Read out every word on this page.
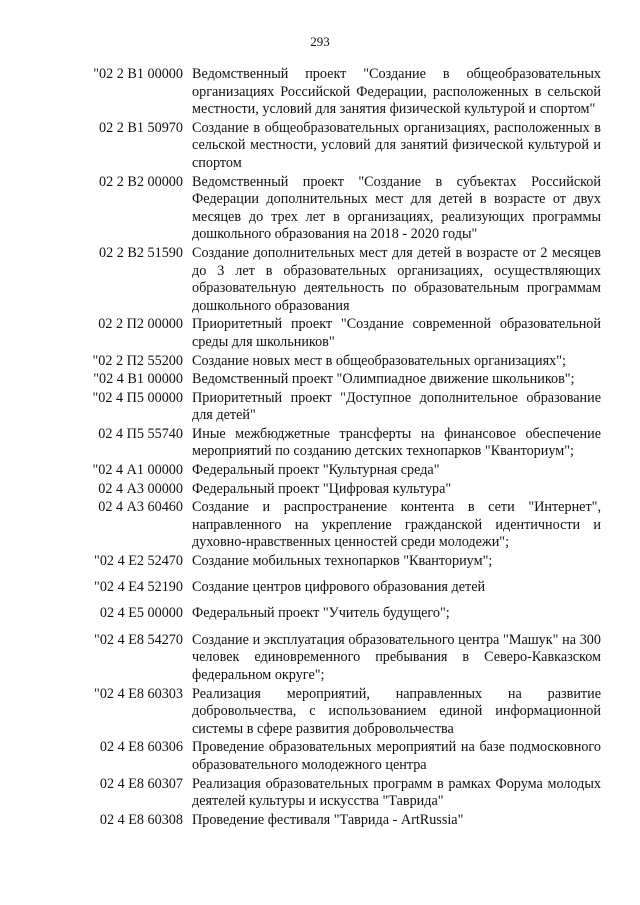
293
"02 2 В1 00000 Ведомственный проект "Создание в общеобразовательных организациях Российской Федерации, расположенных в сельской местности, условий для занятия физической культурой и спортом"
02 2 В1 50970 Создание в общеобразовательных организациях, расположенных в сельской местности, условий для занятий физической культурой и спортом
02 2 В2 00000 Ведомственный проект "Создание в субъектах Российской Федерации дополнительных мест для детей в возрасте от двух месяцев до трех лет в организациях, реализующих программы дошкольного образования на 2018 - 2020 годы"
02 2 В2 51590 Создание дополнительных мест для детей в возрасте от 2 месяцев до 3 лет в образовательных организациях, осуществляющих образовательную деятельность по образовательным программам дошкольного образования
02 2 П2 00000 Приоритетный проект "Создание современной образовательной среды для школьников"
"02 2 П2 55200 Создание новых мест в общеобразовательных организациях";
"02 4 В1 00000 Ведомственный проект "Олимпиадное движение школьников";
"02 4 П5 00000 Приоритетный проект "Доступное дополнительное образование для детей"
02 4 П5 55740 Иные межбюджетные трансферты на финансовое обеспечение мероприятий по созданию детских технопарков "Кванториум";
"02 4 А1 00000 Федеральный проект "Культурная среда"
02 4 А3 00000 Федеральный проект "Цифровая культура"
02 4 А3 60460 Создание и распространение контента в сети "Интернет", направленного на укрепление гражданской идентичности и духовно-нравственных ценностей среди молодежи";
"02 4 Е2 52470 Создание мобильных технопарков "Кванториум";
"02 4 Е4 52190 Создание центров цифрового образования детей
02 4 Е5 00000 Федеральный проект "Учитель будущего";
"02 4 Е8 54270 Создание и эксплуатация образовательного центра "Машук" на 300 человек единовременного пребывания в Северо-Кавказском федеральном округе";
"02 4 Е8 60303 Реализация мероприятий, направленных на развитие добровольчества, с использованием единой информационной системы в сфере развития добровольчества
02 4 Е8 60306 Проведение образовательных мероприятий на базе подмосковного образовательного молодежного центра
02 4 Е8 60307 Реализация образовательных программ в рамках Форума молодых деятелей культуры и искусства "Таврида"
02 4 Е8 60308 Проведение фестиваля "Таврида - ArtRussia"
